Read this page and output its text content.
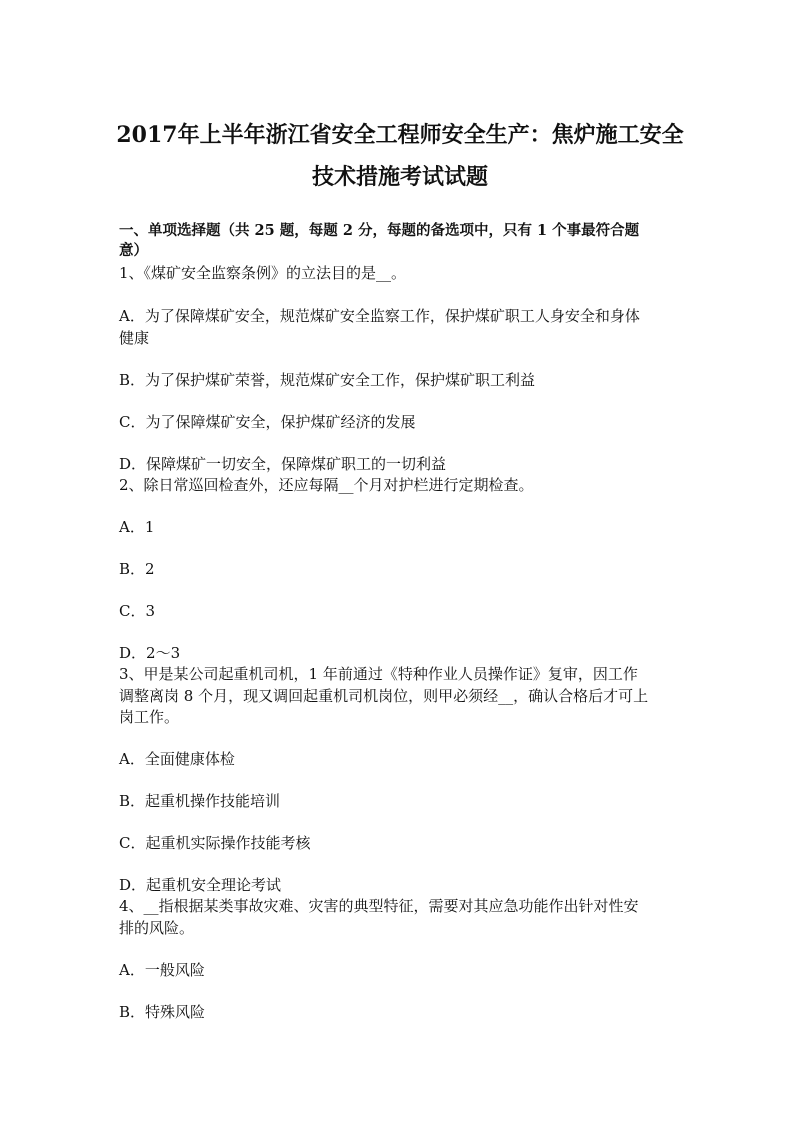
2017年上半年浙江省安全工程师安全生产：焦炉施工安全
技术措施考试试题
一、单项选择题（共 25 题，每题 2 分，每题的备选项中，只有 1 个事最符合题
意）
1、《煤矿安全监察条例》的立法目的是__。
A．为了保障煤矿安全，规范煤矿安全监察工作，保护煤矿职工人身安全和身体
健康
B．为了保护煤矿荣誉，规范煤矿安全工作，保护煤矿职工利益
C．为了保障煤矿安全，保护煤矿经济的发展
D．保障煤矿一切安全，保障煤矿职工的一切利益
2、除日常巡回检查外，还应每隔__个月对护栏进行定期检查。
A．1
B．2
C．3
D．2～3
3、甲是某公司起重机司机，1 年前通过《特种作业人员操作证》复审，因工作
调整离岗 8 个月，现又调回起重机司机岗位，则甲必须经__，确认合格后才可上
岗工作。
A．全面健康体检
B．起重机操作技能培训
C．起重机实际操作技能考核
D．起重机安全理论考试
4、__指根据某类事故灾难、灾害的典型特征，需要对其应急功能作出针对性安
排的风险。
A．一般风险
B．特殊风险
